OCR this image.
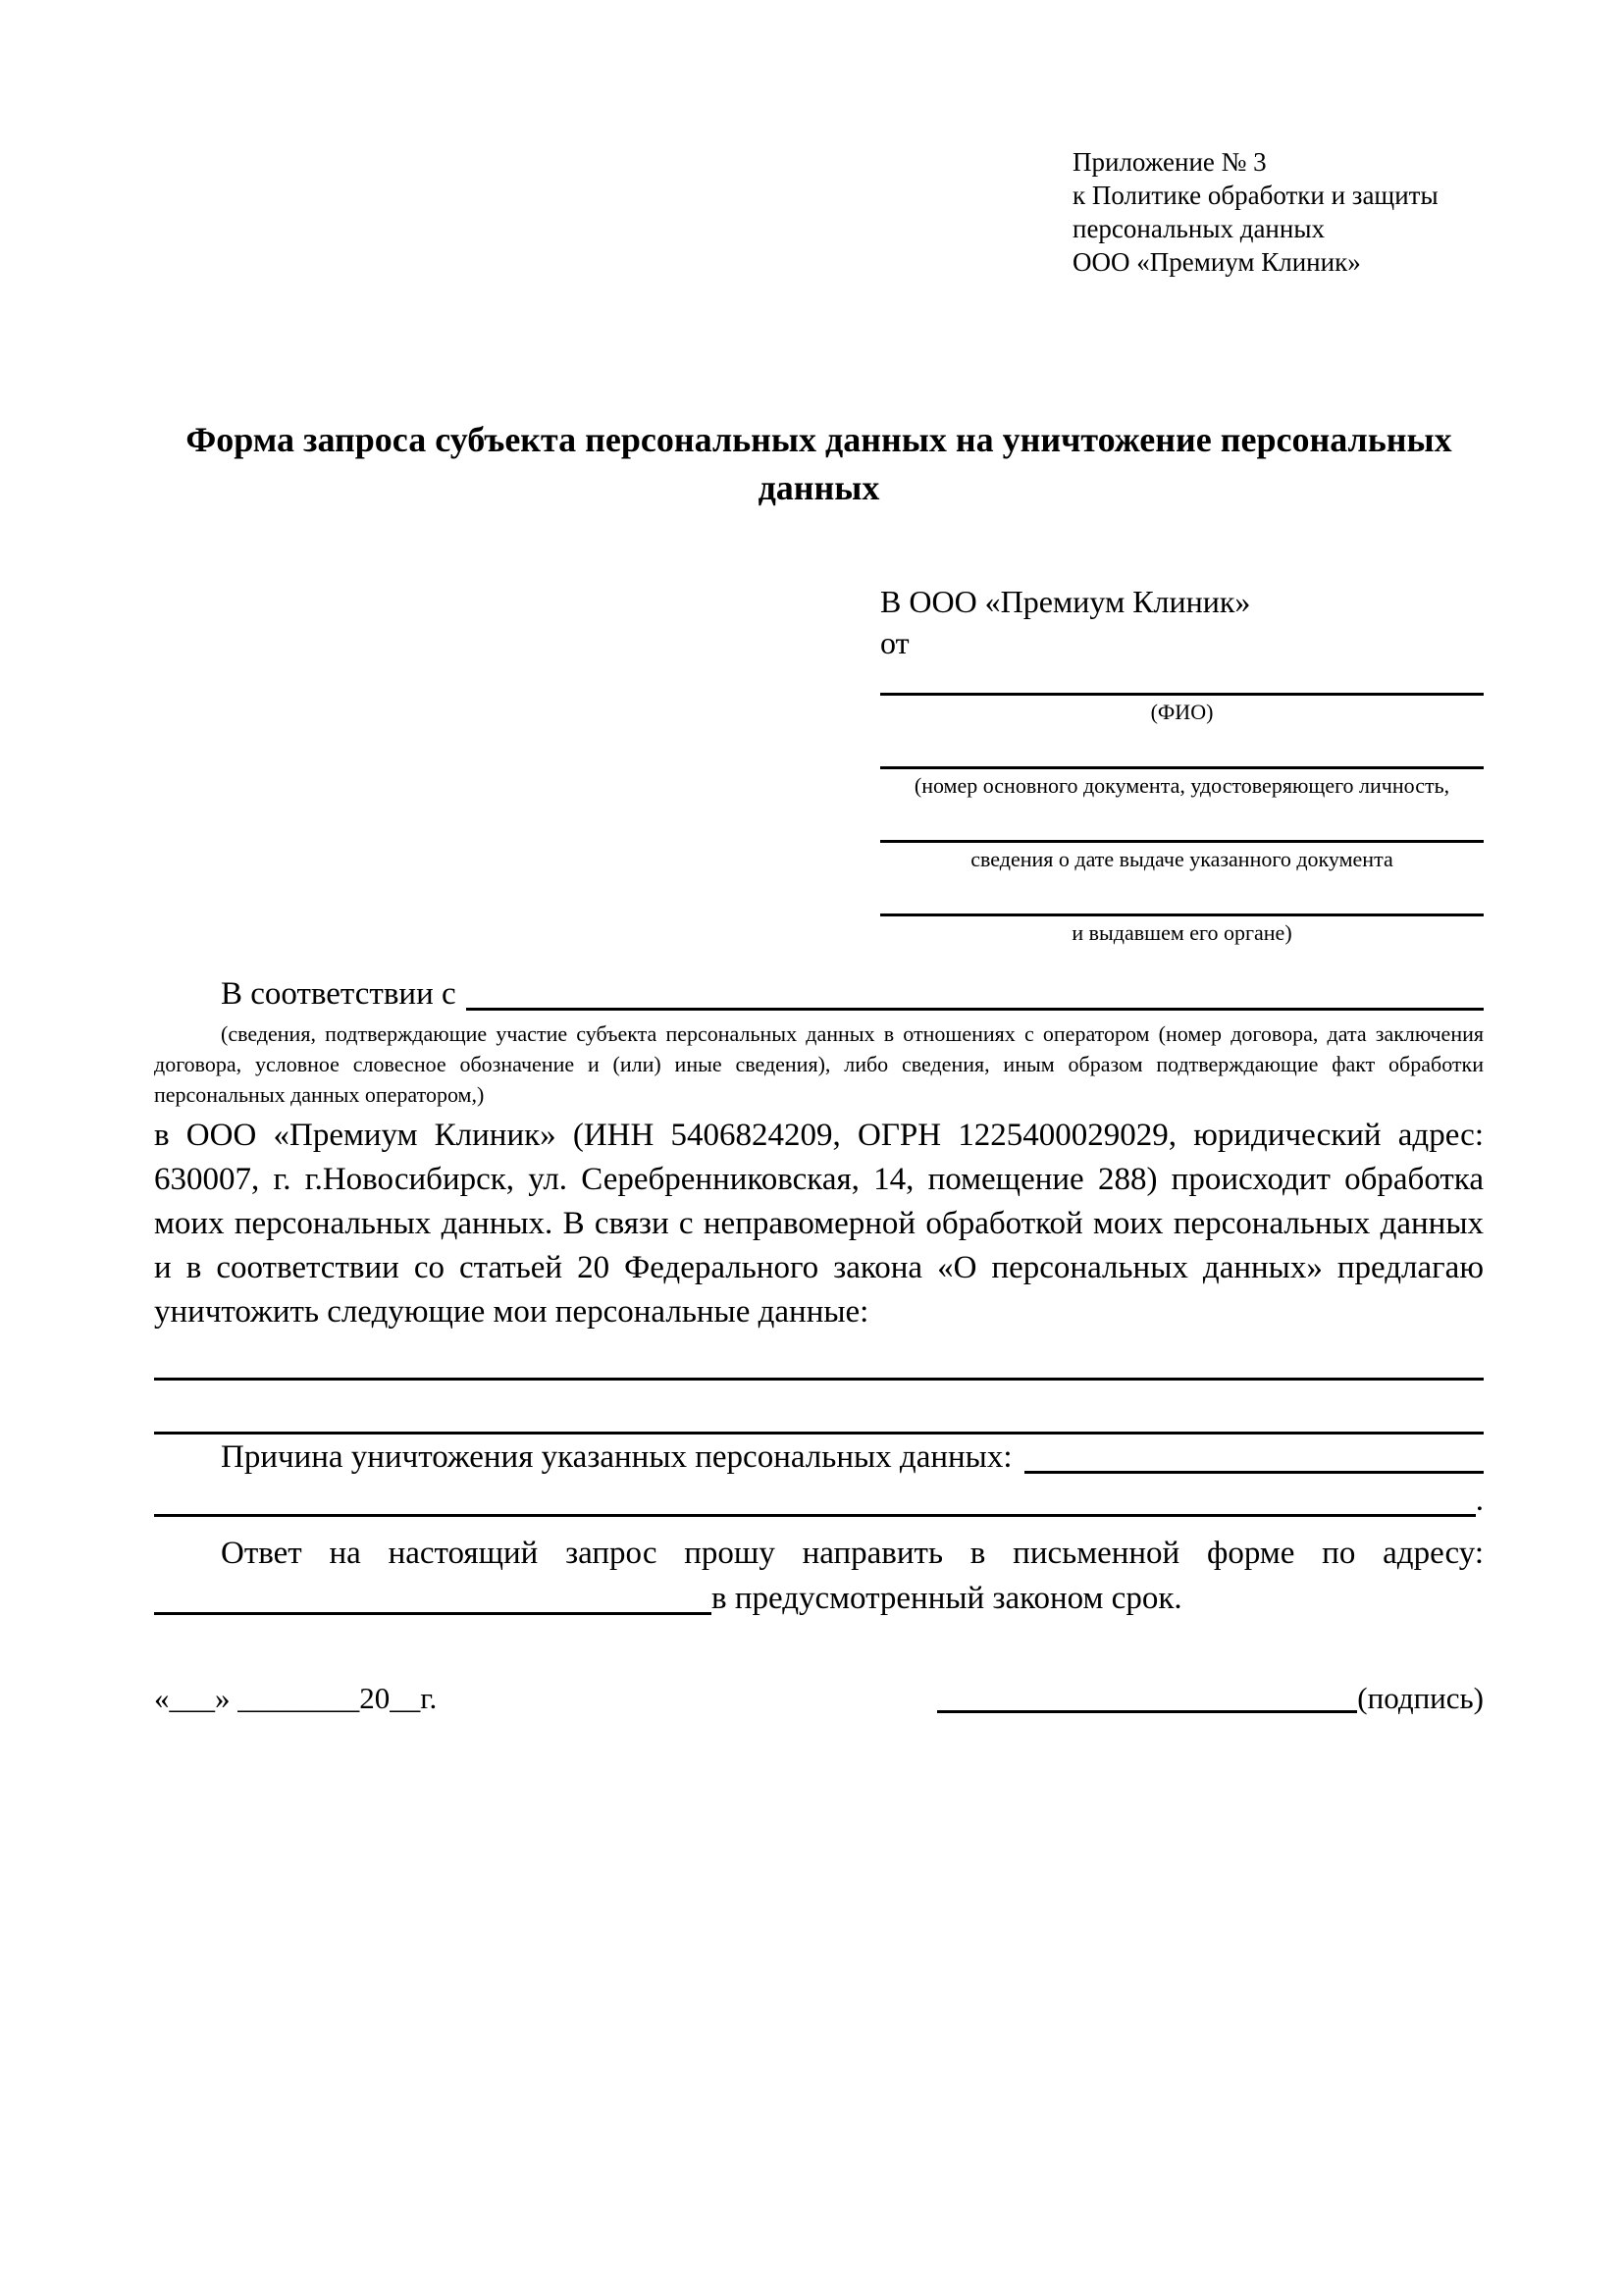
Приложение № 3
к Политике обработки и защиты
персональных данных
ООО «Премиум Клиник»
Форма запроса субъекта персональных данных на уничтожение персональных данных
В ООО «Премиум Клиник»
от
(ФИО)
(номер основного документа, удостоверяющего личность,
сведения о дате выдаче указанного документа
и выдавшем его органе)
В соответствии с

(сведения, подтверждающие участие субъекта персональных данных в отношениях с оператором (номер договора, дата заключения договора, условное словесное обозначение и (или) иные сведения), либо сведения, иным образом подтверждающие факт обработки персональных данных оператором,)

в ООО «Премиум Клиник» (ИНН 5406824209, ОГРН 1225400029029, юридический адрес: 630007, г. г.Новосибирск, ул. Серебренниковская, 14, помещение 288) происходит обработка моих персональных данных. В связи с неправомерной обработкой моих персональных данных и в соответствии со статьей 20 Федерального закона «О персональных данных» предлагаю уничтожить следующие мои персональные данные:

Причина уничтожения указанных персональных данных:
.
Ответ на настоящий запрос прошу направить в письменной форме по адресу:
в предусмотренный законом срок.
«___» ________20__г.	(подпись)
